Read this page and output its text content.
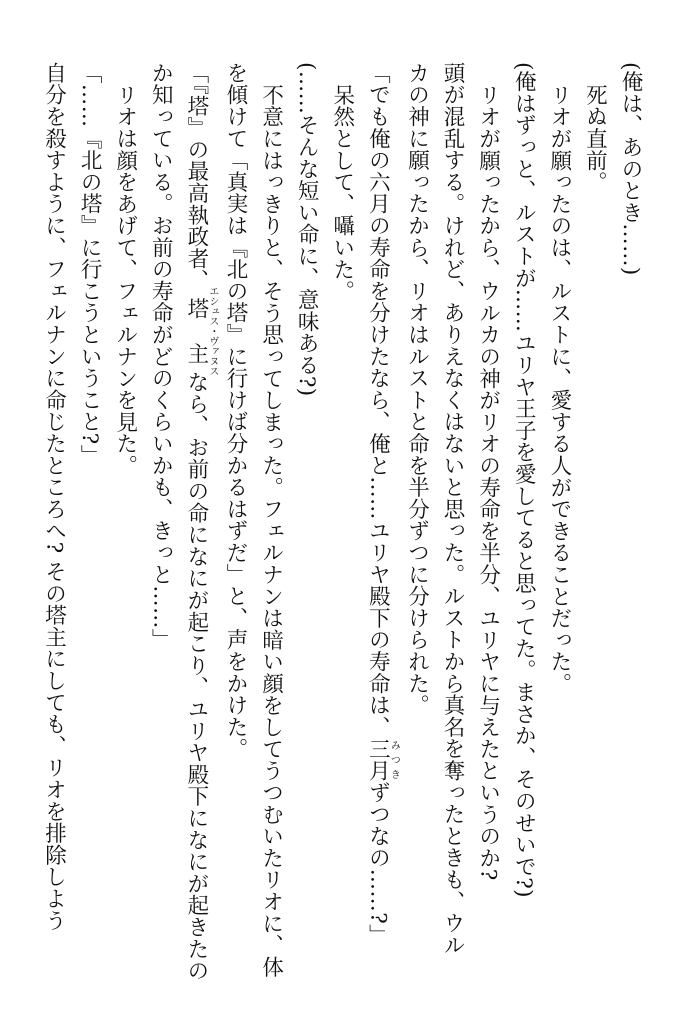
(俺は、あのとき……)
死ぬ直前。
リオが願ったのは、ルストに、愛する人ができることだった。
(俺はずっと、ルストが……ユリヤ王子を愛してると思ってた。まさか、そのせいで?)
リオが願ったから、ウルカの神がリオの寿命を半分、ユリヤに与えたというのか?
頭が混乱する。けれど、ありえなくはないと思った。ルストから真名を奪ったときも、ウル
カの神に願ったから、リオはルストと命を半分ずつに分けられた。
「でも俺の六月の寿命を分けたなら、俺と……ユリヤ殿下の寿命は、三月みつきずつなの……?」
呆然として、囁いた。
(……そんな短い命に、意味ある?)
不意にはっきりと、そう思ってしまった。フェルナンは暗い顔をしてうつむいたリオに、体
を傾けて「真実は『北の塔』に行けば分かるはずだ」と、声をかけた。
「『塔』の最高執政者、塔主エシュス・ヴァヌスなら、お前の命になにが起こり、ユリヤ殿下になにが起きたの
か知っている。お前の寿命がどのくらいかも、きっと……」
リオは顔をあげて、フェルナンを見た。
「……『北の塔』に行こうということ?」
自分を殺すように、フェルナンに命じたところへ? その塔主にしても、リオを排除しよう
